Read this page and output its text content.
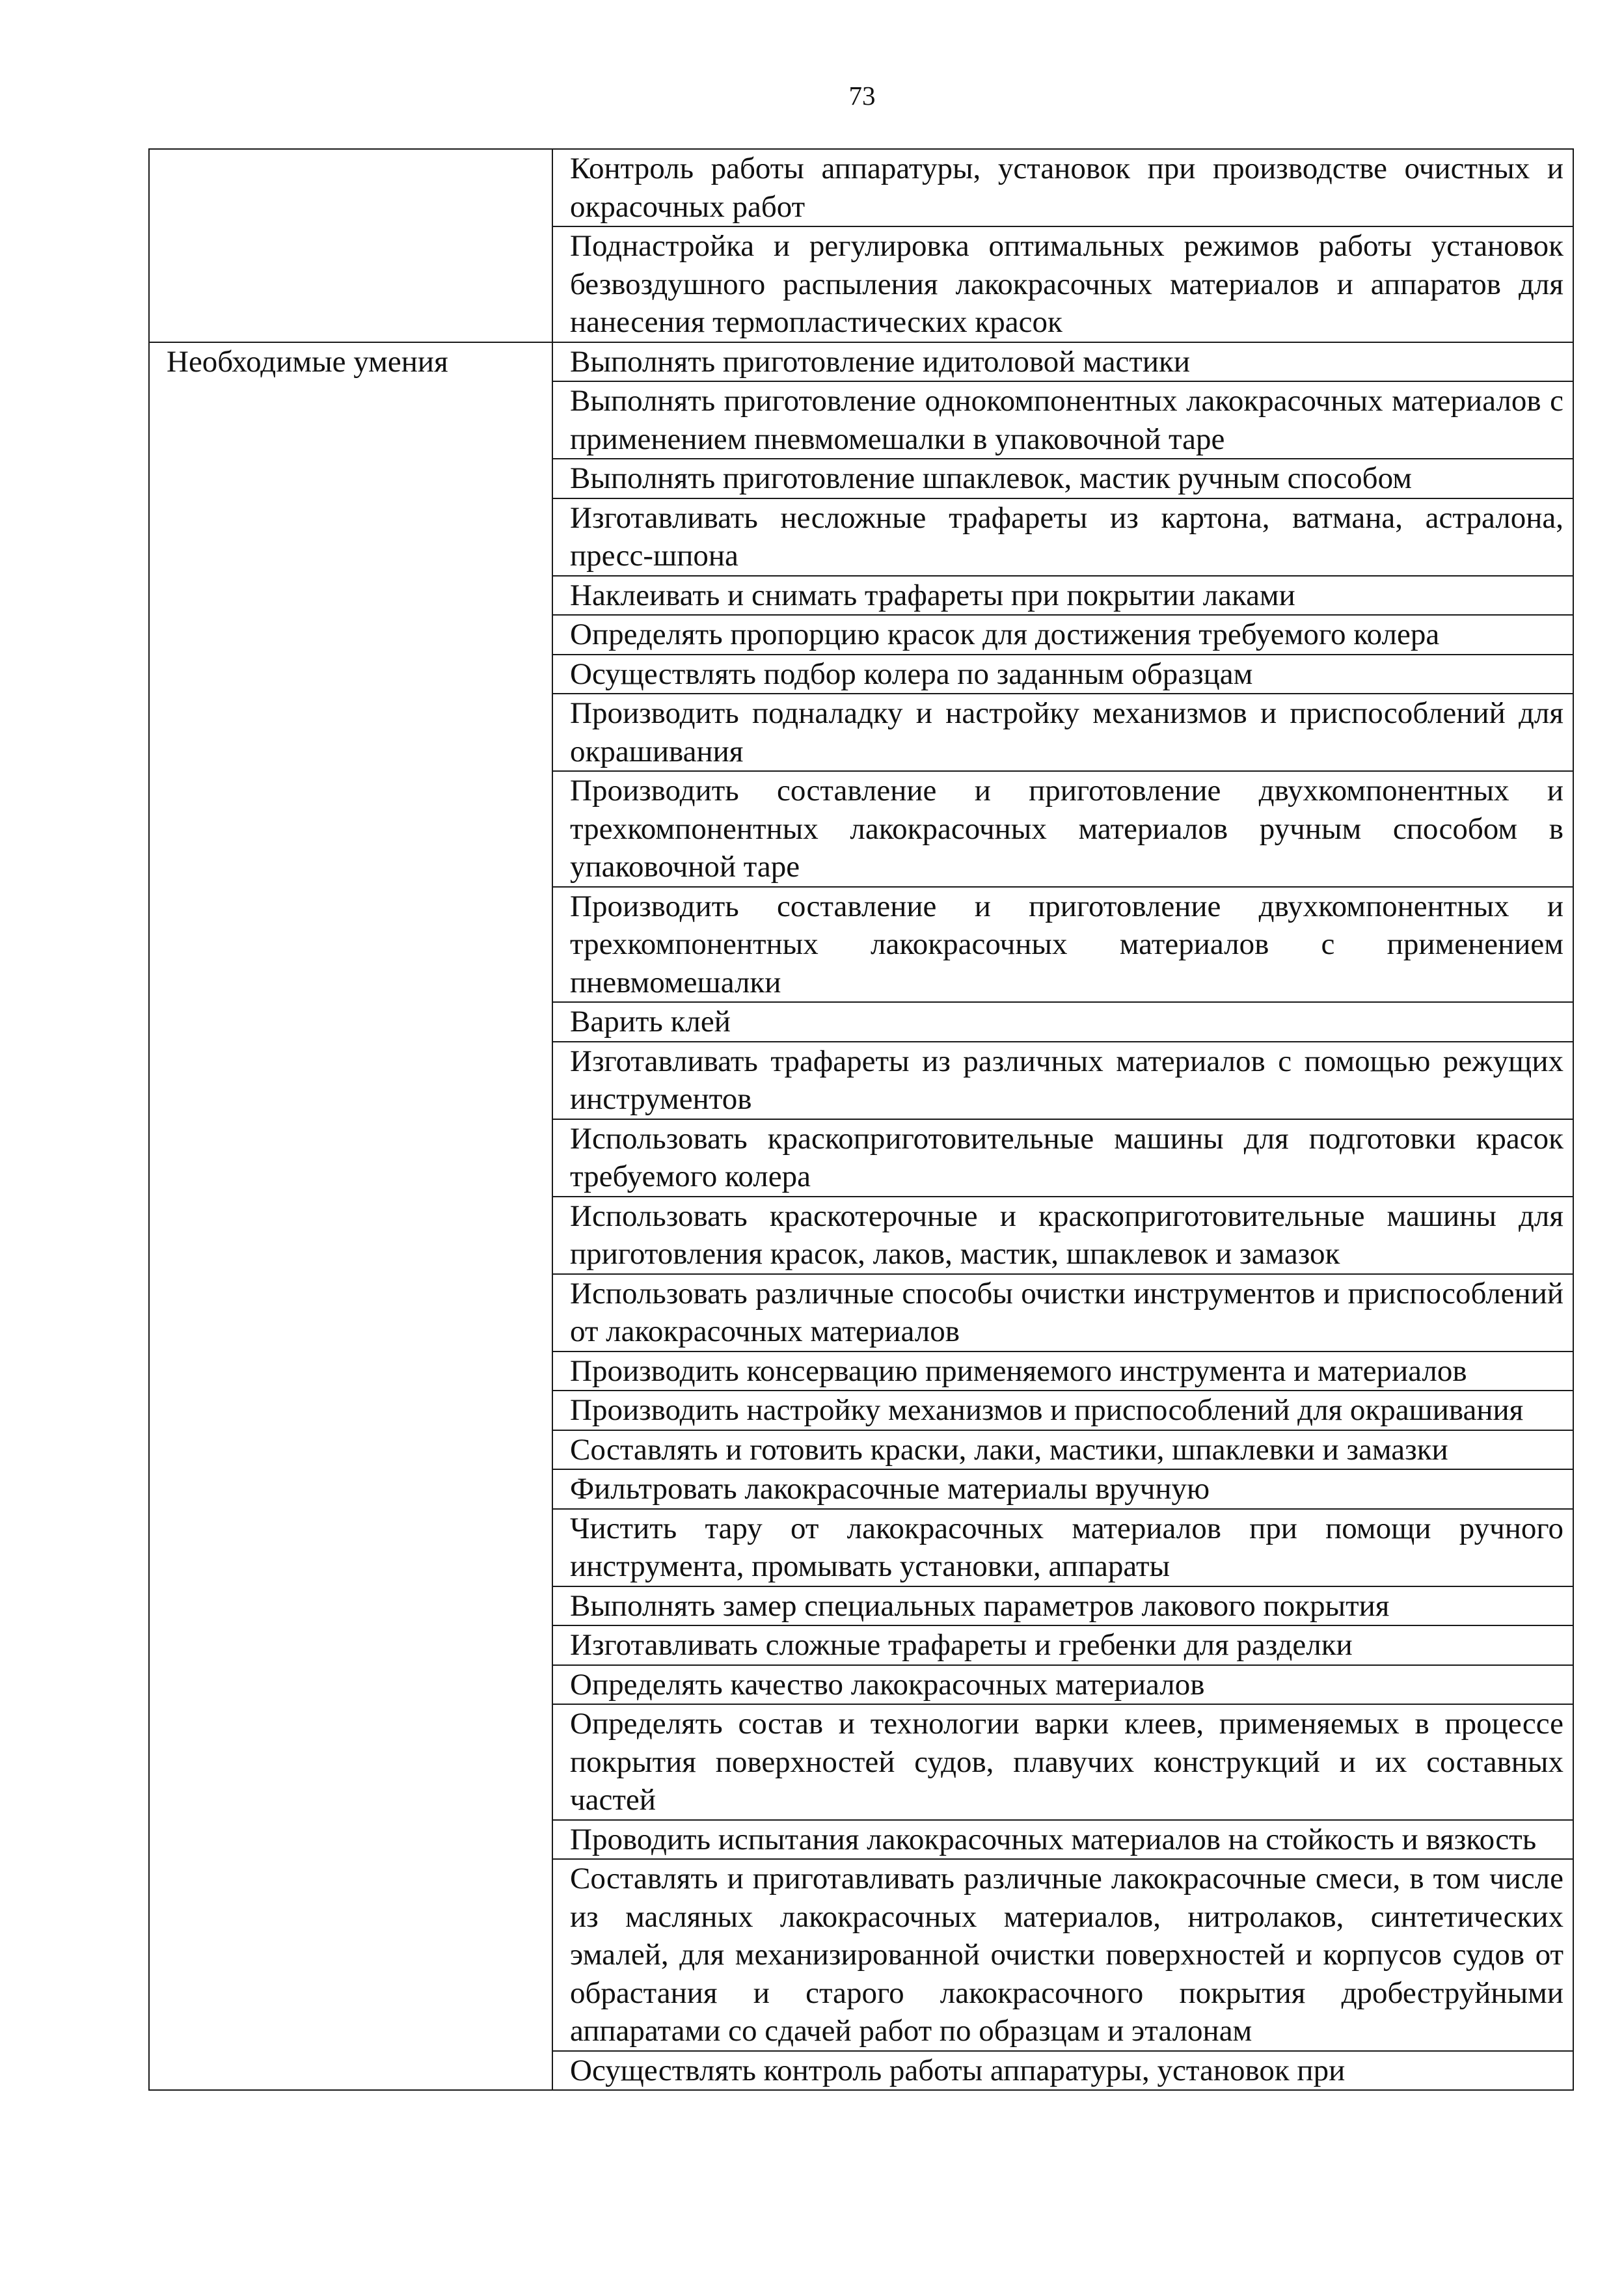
73
	Контроль работы аппаратуры, установок при производстве очистных и окрасочных работ
	Поднастройка и регулировка оптимальных режимов работы установок безвоздушного распыления лакокрасочных материалов и аппаратов для нанесения термопластических красок
Необходимые умения	Выполнять приготовление идитоловой мастики
	Выполнять приготовление однокомпонентных лакокрасочных материалов с применением пневмомешалки в упаковочной таре
	Выполнять приготовление шпаклевок, мастик ручным способом
	Изготавливать несложные трафареты из картона, ватмана, астралона, пресс-шпона
	Наклеивать и снимать трафареты при покрытии лаками
	Определять пропорцию красок для достижения требуемого колера
	Осуществлять подбор колера по заданным образцам
	Производить подналадку и настройку механизмов и приспособлений для окрашивания
	Производить составление и приготовление двухкомпонентных и трехкомпонентных лакокрасочных материалов ручным способом в упаковочной таре
	Производить составление и приготовление двухкомпонентных и трехкомпонентных лакокрасочных материалов с применением пневмомешалки
	Варить клей
	Изготавливать трафареты из различных материалов с помощью режущих инструментов
	Использовать краскоприготовительные машины для подготовки красок требуемого колера
	Использовать краскотерочные и краскоприготовительные машины для приготовления красок, лаков, мастик, шпаклевок и замазок
	Использовать различные способы очистки инструментов и приспособлений от лакокрасочных материалов
	Производить консервацию применяемого инструмента и материалов
	Производить настройку механизмов и приспособлений для окрашивания
	Составлять и готовить краски, лаки, мастики, шпаклевки и замазки
	Фильтровать лакокрасочные материалы вручную
	Чистить тару от лакокрасочных материалов при помощи ручного инструмента, промывать установки, аппараты
	Выполнять замер специальных параметров лакового покрытия
	Изготавливать сложные трафареты и гребенки для разделки
	Определять качество лакокрасочных материалов
	Определять состав и технологии варки клеев, применяемых в процессе покрытия поверхностей судов, плавучих конструкций и их составных частей
	Проводить испытания лакокрасочных материалов на стойкость и вязкость
	Составлять и приготавливать различные лакокрасочные смеси, в том числе из масляных лакокрасочных материалов, нитролаков, синтетических эмалей, для механизированной очистки поверхностей и корпусов судов от обрастания и старого лакокрасочного покрытия дробеструйными аппаратами со сдачей работ по образцам и эталонам
	Осуществлять контроль работы аппаратуры, установок при
